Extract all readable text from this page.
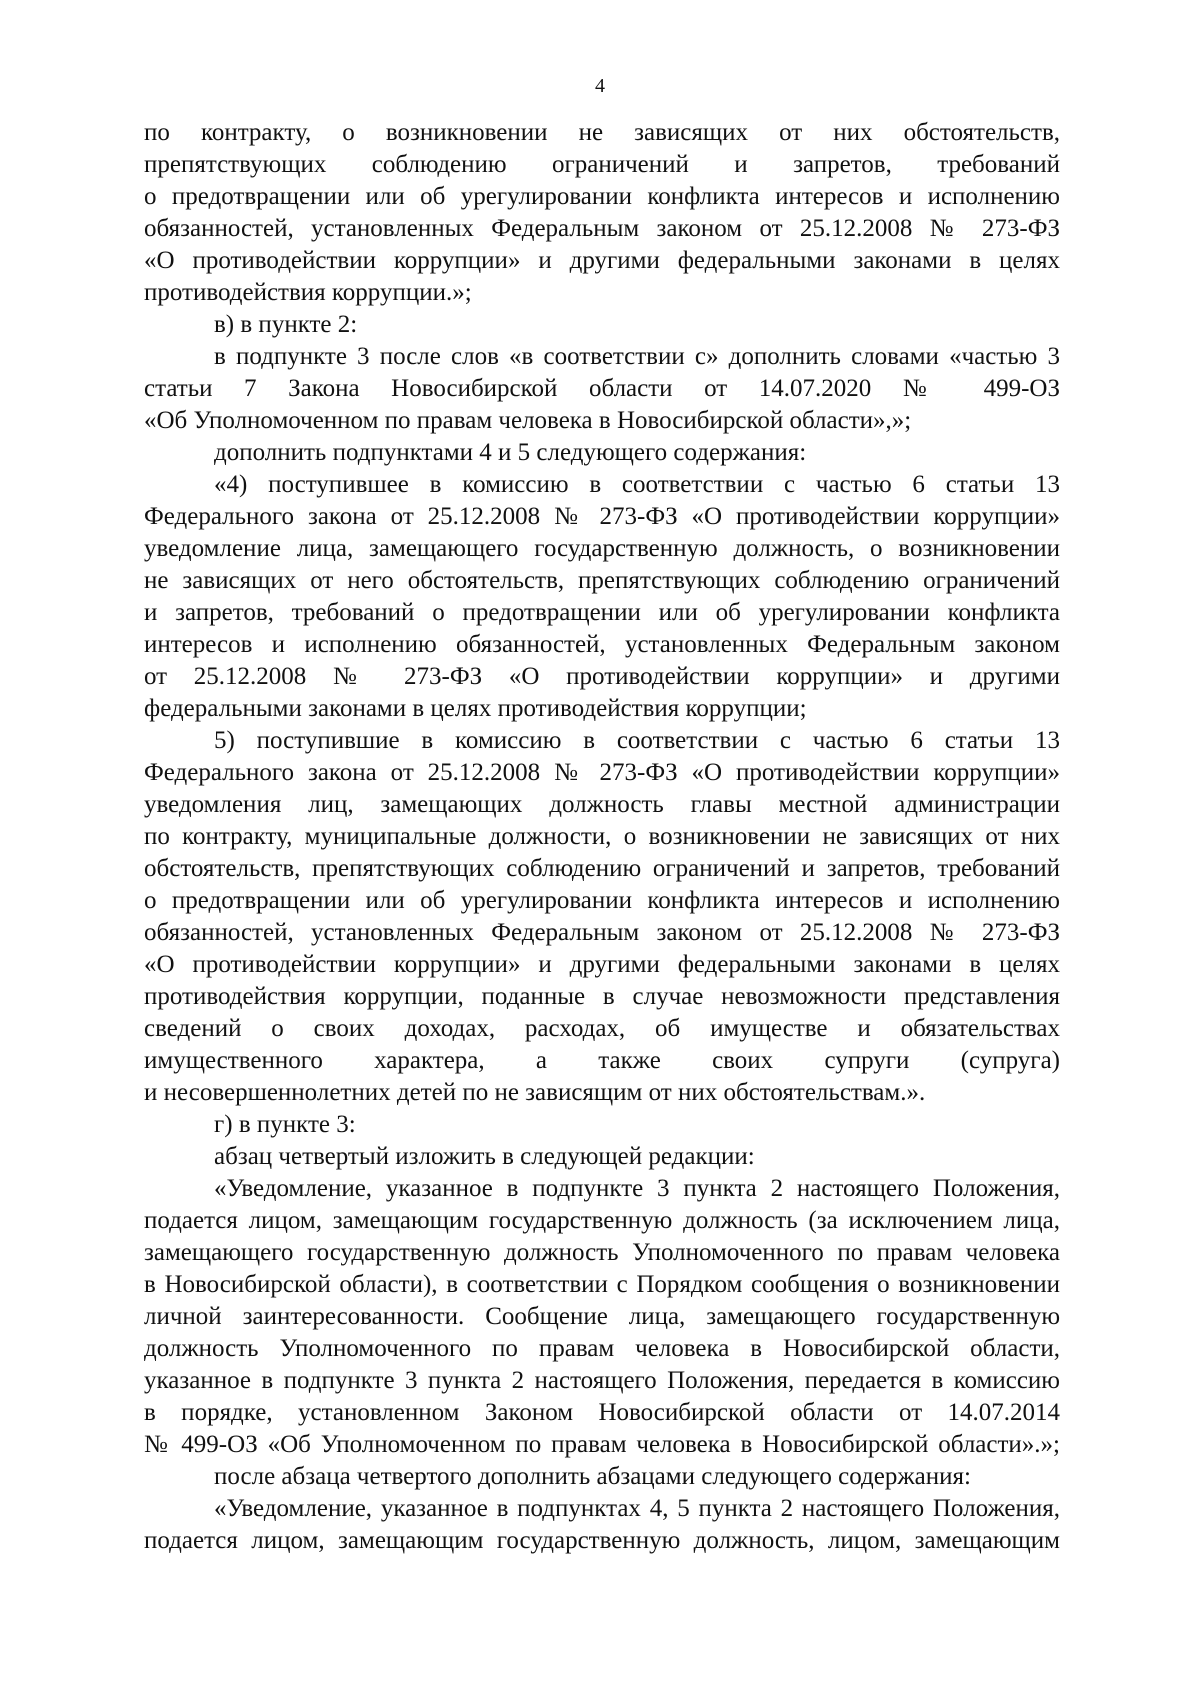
4
по контракту, о возникновении не зависящих от них обстоятельств,
препятствующих соблюдению ограничений и запретов, требований
о предотвращении или об урегулировании конфликта интересов и исполнению
обязанностей, установленных Федеральным законом от 25.12.2008 № 273-ФЗ
«О противодействии коррупции» и другими федеральными законами в целях
противодействия коррупции.»;
в) в пункте 2:
в подпункте 3 после слов «в соответствии с» дополнить словами «частью 3
статьи 7 Закона Новосибирской области от 14.07.2020 № 499-ОЗ
«Об Уполномоченном по правам человека в Новосибирской области»,»;
дополнить подпунктами 4 и 5 следующего содержания:
«4) поступившее в комиссию в соответствии с частью 6 статьи 13
Федерального закона от 25.12.2008 № 273-ФЗ «О противодействии коррупции»
уведомление лица, замещающего государственную должность, о возникновении
не зависящих от него обстоятельств, препятствующих соблюдению ограничений
и запретов, требований о предотвращении или об урегулировании конфликта
интересов и исполнению обязанностей, установленных Федеральным законом
от 25.12.2008 № 273-ФЗ «О противодействии коррупции» и другими
федеральными законами в целях противодействия коррупции;
5) поступившие в комиссию в соответствии с частью 6 статьи 13
Федерального закона от 25.12.2008 № 273-ФЗ «О противодействии коррупции»
уведомления лиц, замещающих должность главы местной администрации
по контракту, муниципальные должности, о возникновении не зависящих от них
обстоятельств, препятствующих соблюдению ограничений и запретов, требований
о предотвращении или об урегулировании конфликта интересов и исполнению
обязанностей, установленных Федеральным законом от 25.12.2008 № 273-ФЗ
«О противодействии коррупции» и другими федеральными законами в целях
противодействия коррупции, поданные в случае невозможности представления
сведений о своих доходах, расходах, об имуществе и обязательствах
имущественного характера, а также своих супруги (супруга)
и несовершеннолетних детей по не зависящим от них обстоятельствам.».
г) в пункте 3:
абзац четвертый изложить в следующей редакции:
«Уведомление, указанное в подпункте 3 пункта 2 настоящего Положения,
подается лицом, замещающим государственную должность (за исключением лица,
замещающего государственную должность Уполномоченного по правам человека
в Новосибирской области), в соответствии с Порядком сообщения о возникновении
личной заинтересованности. Сообщение лица, замещающего государственную
должность Уполномоченного по правам человека в Новосибирской области,
указанное в подпункте 3 пункта 2 настоящего Положения, передается в комиссию
в порядке, установленном Законом Новосибирской области от 14.07.2014
№ 499-ОЗ «Об Уполномоченном по правам человека в Новосибирской области».»;
после абзаца четвертого дополнить абзацами следующего содержания:
«Уведомление, указанное в подпунктах 4, 5 пункта 2 настоящего Положения,
подается лицом, замещающим государственную должность, лицом, замещающим
